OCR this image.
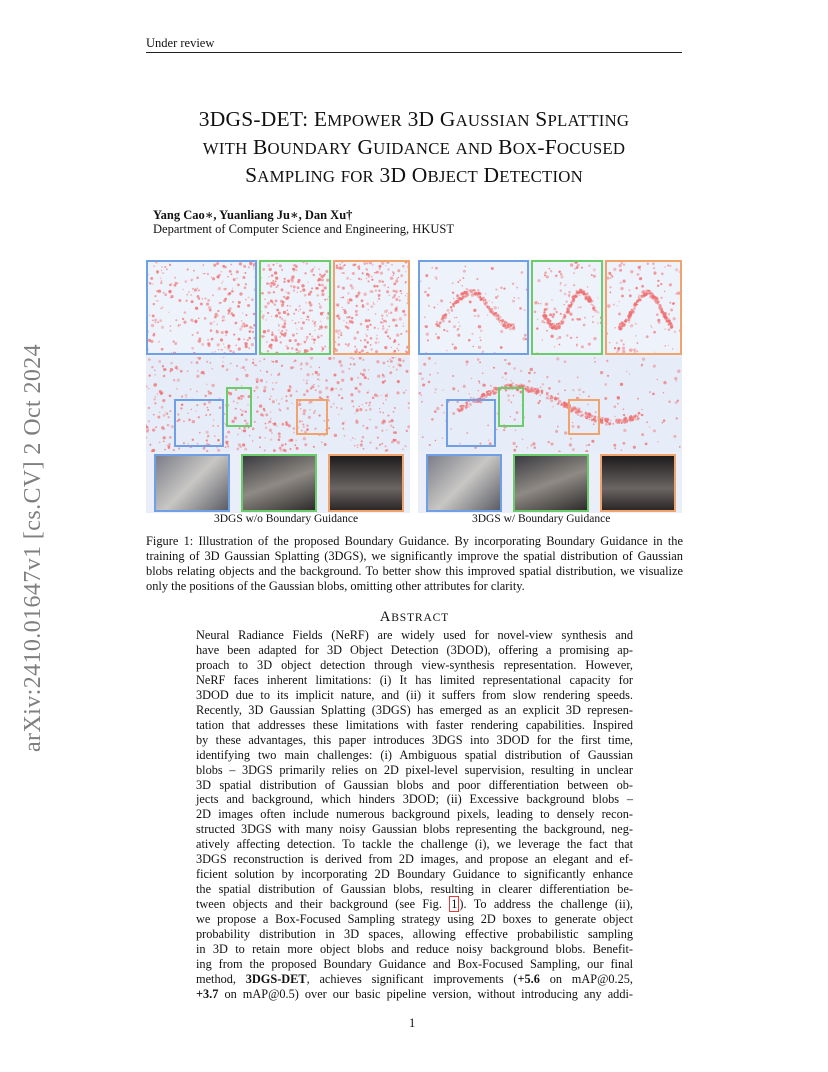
Under review
arXiv:2410.01647v1 [cs.CV] 2 Oct 2024
3DGS-DET: EMPOWER 3D GAUSSIAN SPLATTING
WITH BOUNDARY GUIDANCE AND BOX-FOCUSED
SAMPLING FOR 3D OBJECT DETECTION
Yang Cao∗, Yuanliang Ju∗, Dan Xu†
Department of Computer Science and Engineering, HKUST
3DGS w/o Boundary Guidance	3DGS w/ Boundary Guidance
Figure 1: Illustration of the proposed Boundary Guidance. By incorporating Boundary Guidance in the training of 3D Gaussian Splatting (3DGS), we significantly improve the spatial distribution of Gaussian blobs relating objects and the background. To better show this improved spatial distribution, we visualize only the positions of the Gaussian blobs, omitting other attributes for clarity.
ABSTRACT
Neural Radiance Fields (NeRF) are widely used for novel-view synthesis and
have been adapted for 3D Object Detection (3DOD), offering a promising ap-
proach to 3D object detection through view-synthesis representation. However,
NeRF faces inherent limitations: (i) It has limited representational capacity for
3DOD due to its implicit nature, and (ii) it suffers from slow rendering speeds.
Recently, 3D Gaussian Splatting (3DGS) has emerged as an explicit 3D represen-
tation that addresses these limitations with faster rendering capabilities. Inspired
by these advantages, this paper introduces 3DGS into 3DOD for the first time,
identifying two main challenges: (i) Ambiguous spatial distribution of Gaussian
blobs – 3DGS primarily relies on 2D pixel-level supervision, resulting in unclear
3D spatial distribution of Gaussian blobs and poor differentiation between ob-
jects and background, which hinders 3DOD; (ii) Excessive background blobs –
2D images often include numerous background pixels, leading to densely recon-
structed 3DGS with many noisy Gaussian blobs representing the background, neg-
atively affecting detection. To tackle the challenge (i), we leverage the fact that
3DGS reconstruction is derived from 2D images, and propose an elegant and ef-
ficient solution by incorporating 2D Boundary Guidance to significantly enhance
the spatial distribution of Gaussian blobs, resulting in clearer differentiation be-
tween objects and their background (see Fig. 1 ). To address the challenge (ii),
we propose a Box-Focused Sampling strategy using 2D boxes to generate object
probability distribution in 3D spaces, allowing effective probabilistic sampling
in 3D to retain more object blobs and reduce noisy background blobs. Benefit-
ing from the proposed Boundary Guidance and Box-Focused Sampling, our final
method, 3DGS-DET, achieves significant improvements (+5.6 on mAP@0.25,
+3.7 on mAP@0.5) over our basic pipeline version, without introducing any addi-
1
